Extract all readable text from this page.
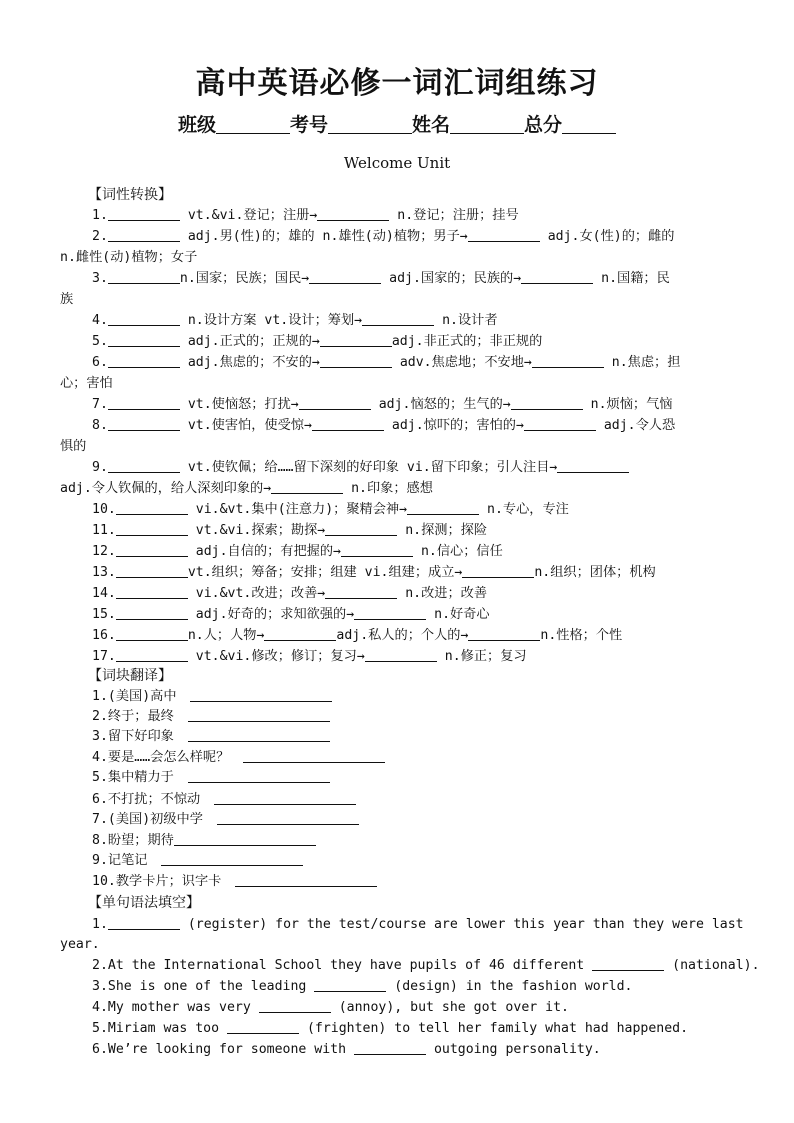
高中英语必修一词汇词组练习
班级	考号	姓名	总分
Welcome Unit
【词性转换】
1.	vt.&vi.登记；注册→	n.登记；注册；挂号
2.	adj.男(性)的；雄的 n.雄性(动)植物；男子→	adj.女(性)的；雌的
n.雌性(动)植物；女子
3.	n.国家；民族；国民→	adj.国家的；民族的→	n.国籍；民
族
4.	n.设计方案 vt.设计；筹划→	n.设计者
5.	adj.正式的；正规的→	adj.非正式的；非正规的
6.	adj.焦虑的；不安的→	adv.焦虑地；不安地→	n.焦虑；担
心；害怕
7.	vt.使恼怒；打扰→	adj.恼怒的；生气的→	n.烦恼；气恼
8.	vt.使害怕，使受惊→	adj.惊吓的；害怕的→	adj.令人恐
惧的
9.	vt.使钦佩；给……留下深刻的好印象 vi.留下印象；引人注目→
adj.令人钦佩的，给人深刻印象的→	n.印象；感想
10.	vi.&vt.集中(注意力)；聚精会神→	n.专心，专注
11.	vt.&vi.探索；勘探→	n.探测；探险
12.	adj.自信的；有把握的→	n.信心；信任
13.	vt.组织；筹备；安排；组建 vi.组建；成立→	n.组织；团体；机构
14.	vi.&vt.改进；改善→	n.改进；改善
15.	adj.好奇的；求知欲强的→	n.好奇心
16.	n.人；人物→	adj.私人的；个人的→	n.性格；个性
17.	vt.&vi.修改；修订；复习→	n.修正；复习
【词块翻译】
1.(美国)高中
2.终于；最终
3.留下好印象
4.要是……会怎么样呢？
5.集中精力于
6.不打扰；不惊动
7.(美国)初级中学
8.盼望；期待
9.记笔记
10.教学卡片；识字卡
【单句语法填空】
1.	(register) for the test/course are lower this year than they were last
year.
2.At the International School they have pupils of 46 different	(national).
3.She is one of the leading	(design) in the fashion world.
4.My mother was very	(annoy), but she got over it.
5.Miriam was too	(frighten) to tell her family what had happened.
6.We’re looking for someone with	outgoing personality.
